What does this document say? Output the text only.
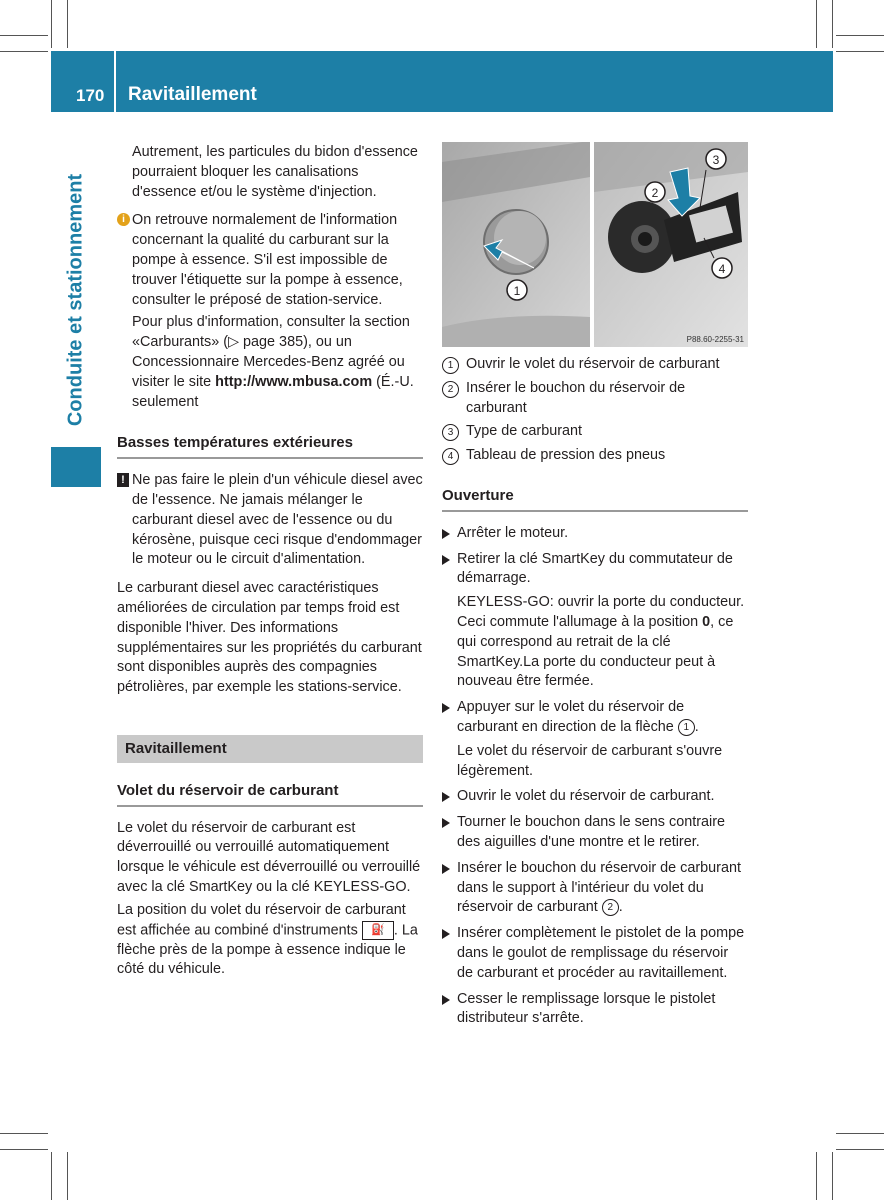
170 Ravitaillement
Conduite et stationnement

Autrement, les particules du bidon d'essence pourraient bloquer les canalisations d'essence et/ou le système d'injection.

i On retrouve normalement de l'information concernant la qualité du carburant sur la pompe à essence. S'il est impossible de trouver l'étiquette sur la pompe à essence, consulter le préposé de station-service.

Pour plus d'information, consulter la section «Carburants» (▷ page 385), ou un Concessionnaire Mercedes-Benz agréé ou visiter le site http://www.mbusa.com (É.-U. seulement

Basses températures extérieures
! Ne pas faire le plein d'un véhicule diesel avec de l'essence. Ne jamais mélanger le carburant diesel avec de l'essence ou du kérosène, puisque ceci risque d'endommager le moteur ou le circuit d'alimentation.

Le carburant diesel avec caractéristiques améliorées de circulation par temps froid est disponible l'hiver. Des informations supplémentaires sur les propriétés du carburant sont disponibles auprès des compagnies pétrolières, par exemple les stations-service.

Ravitaillement
Volet du réservoir de carburant

Le volet du réservoir de carburant est déverrouillé ou verrouillé automatiquement lorsque le véhicule est déverrouillé ou verrouillé avec la clé SmartKey ou la clé KEYLESS-GO.

La position du volet du réservoir de carburant est affichée au combiné d'instruments ⛽ . La flèche près de la pompe à essence indique le côté du véhicule.

1
2
3
4
P88.60-2255-31
1 Ouvrir le volet du réservoir de carburant
2 Insérer le bouchon du réservoir de carburant
3 Type de carburant
4 Tableau de pression des pneus
Ouverture
Arrêter le moteur.
Retirer la clé SmartKey du commutateur de démarrage.
KEYLESS-GO: ouvrir la porte du conducteur. Ceci commute l'allumage à la position 0, ce qui correspond au retrait de la clé SmartKey.La porte du conducteur peut à nouveau être fermée.
Appuyer sur le volet du réservoir de carburant en direction de la flèche 1 .
Le volet du réservoir de carburant s'ouvre légèrement.
Ouvrir le volet du réservoir de carburant.
Tourner le bouchon dans le sens contraire des aiguilles d'une montre et le retirer.
Insérer le bouchon du réservoir de carburant dans le support à l'intérieur du volet du réservoir de carburant 2 .
Insérer complètement le pistolet de la pompe dans le goulot de remplissage du réservoir de carburant et procéder au ravitaillement.
Cesser le remplissage lorsque le pistolet distributeur s'arrête.
